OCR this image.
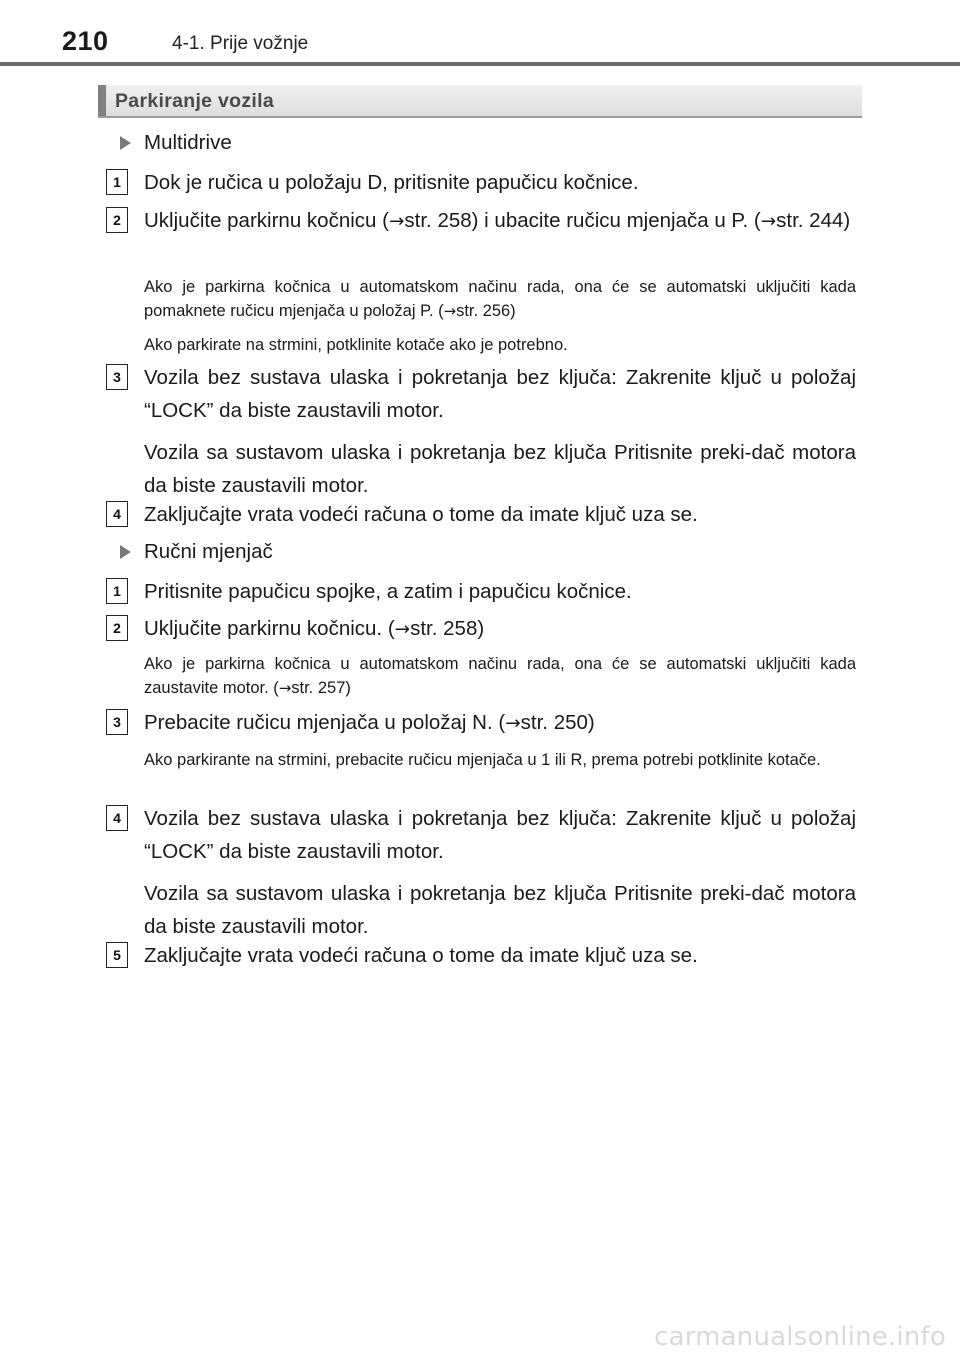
210	4-1. Prije vožnje
Parkiranje vozila
Multidrive
1	Dok je ručica u položaju D, pritisnite papučicu kočnice.
2	Uključite parkirnu kočnicu (→str. 258) i ubacite ručicu mjenjača u P. (→str. 244)
Ako je parkirna kočnica u automatskom načinu rada, ona će se automatski uključiti kada pomaknete ručicu mjenjača u položaj P. (→str. 256)
Ako parkirate na strmini, potklinite kotače ako je potrebno.
3	Vozila bez sustava ulaska i pokretanja bez ključa: Zakrenite ključ u položaj “LOCK” da biste zaustavili motor.
Vozila sa sustavom ulaska i pokretanja bez ključa Pritisnite preki-dač motora da biste zaustavili motor.
4	Zaključajte vrata vodeći računa o tome da imate ključ uza se.
Ručni mjenjač
1	Pritisnite papučicu spojke, a zatim i papučicu kočnice.
2	Uključite parkirnu kočnicu. (→str. 258)
Ako je parkirna kočnica u automatskom načinu rada, ona će se automatski uključiti kada zaustavite motor. (→str. 257)
3	Prebacite ručicu mjenjača u položaj N. (→str. 250)
Ako parkirante na strmini, prebacite ručicu mjenjača u 1 ili R, prema potrebi potklinite kotače.
4	Vozila bez sustava ulaska i pokretanja bez ključa: Zakrenite ključ u položaj “LOCK” da biste zaustavili motor.
Vozila sa sustavom ulaska i pokretanja bez ključa Pritisnite preki-dač motora da biste zaustavili motor.
5	Zaključajte vrata vodeći računa o tome da imate ključ uza se.
carmanualsonline.info
